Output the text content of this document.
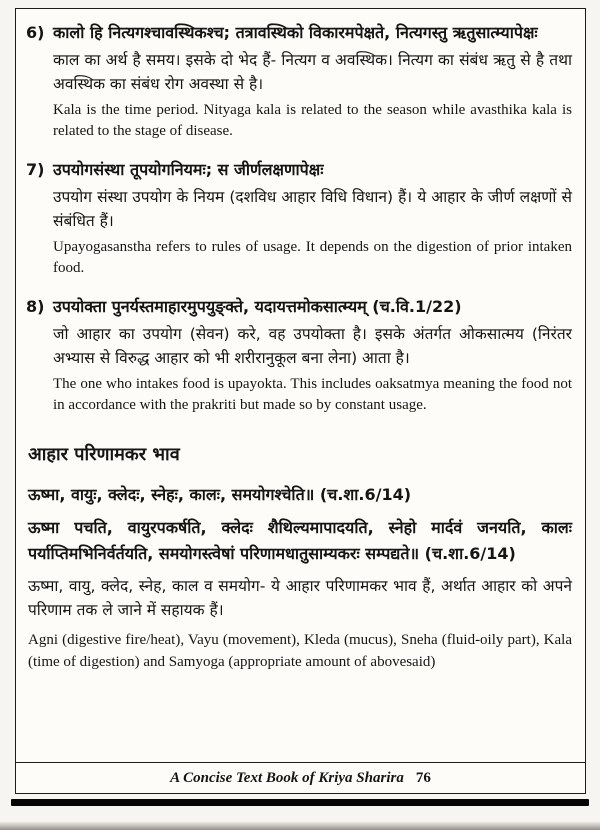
6) कालो हि नित्यगश्चावस्थिकश्च; तत्रावस्थिको विकारमपेक्षते, नित्यगस्तु ऋतुसात्म्यापेक्षः

काल का अर्थ है समय। इसके दो भेद हैं- नित्यग व अवस्थिक। नित्यग का संबंध ऋतु से है तथा अवस्थिक का संबंध रोग अवस्था से है।

Kala is the time period. Nityaga kala is related to the season while avasthika kala is related to the stage of disease.

7) उपयोगसंस्था तूपयोगनियमः; स जीर्णलक्षणापेक्षः

उपयोग संस्था उपयोग के नियम (दशविध आहार विधि विधान) हैं। ये आहार के जीर्ण लक्षणों से संबंधित हैं।

Upayogasanstha refers to rules of usage. It depends on the digestion of prior intaken food.

8) उपयोक्ता पुनर्यस्तमाहारमुपयुङ्क्ते, यदायत्तमोकसात्म्यम् (च.वि.1/22)

जो आहार का उपयोग (सेवन) करे, वह उपयोक्ता है। इसके अंतर्गत ओकसात्मय (निरंतर अभ्यास से विरुद्ध आहार को भी शरीरानुकूल बना लेना) आता है।

The one who intakes food is upayokta. This includes oaksatmya meaning the food not in accordance with the prakriti but made so by constant usage.

आहार परिणामकर भाव

ऊष्मा, वायुः, क्लेदः, स्नेहः, कालः, समयोगश्चेति॥ (च.शा.6/14)

ऊष्मा पचति, वायुरपकर्षति, क्लेदः शैथिल्यमापादयति, स्नेहो मार्दवं जनयति, कालः पर्याप्तिमभिनिर्वर्तयति, समयोगस्त्वेषां परिणामधातुसाम्यकरः सम्पद्यते॥ (च.शा.6/14)

ऊष्मा, वायु, क्लेद, स्नेह, काल व समयोग- ये आहार परिणामकर भाव हैं, अर्थात आहार को अपने परिणाम तक ले जाने में सहायक हैं।

Agni (digestive fire/heat), Vayu (movement), Kleda (mucus), Sneha (fluid-oily part), Kala (time of digestion) and Samyoga (appropriate amount of abovesaid)

A Concise Text Book of Kriya Sharira 76
